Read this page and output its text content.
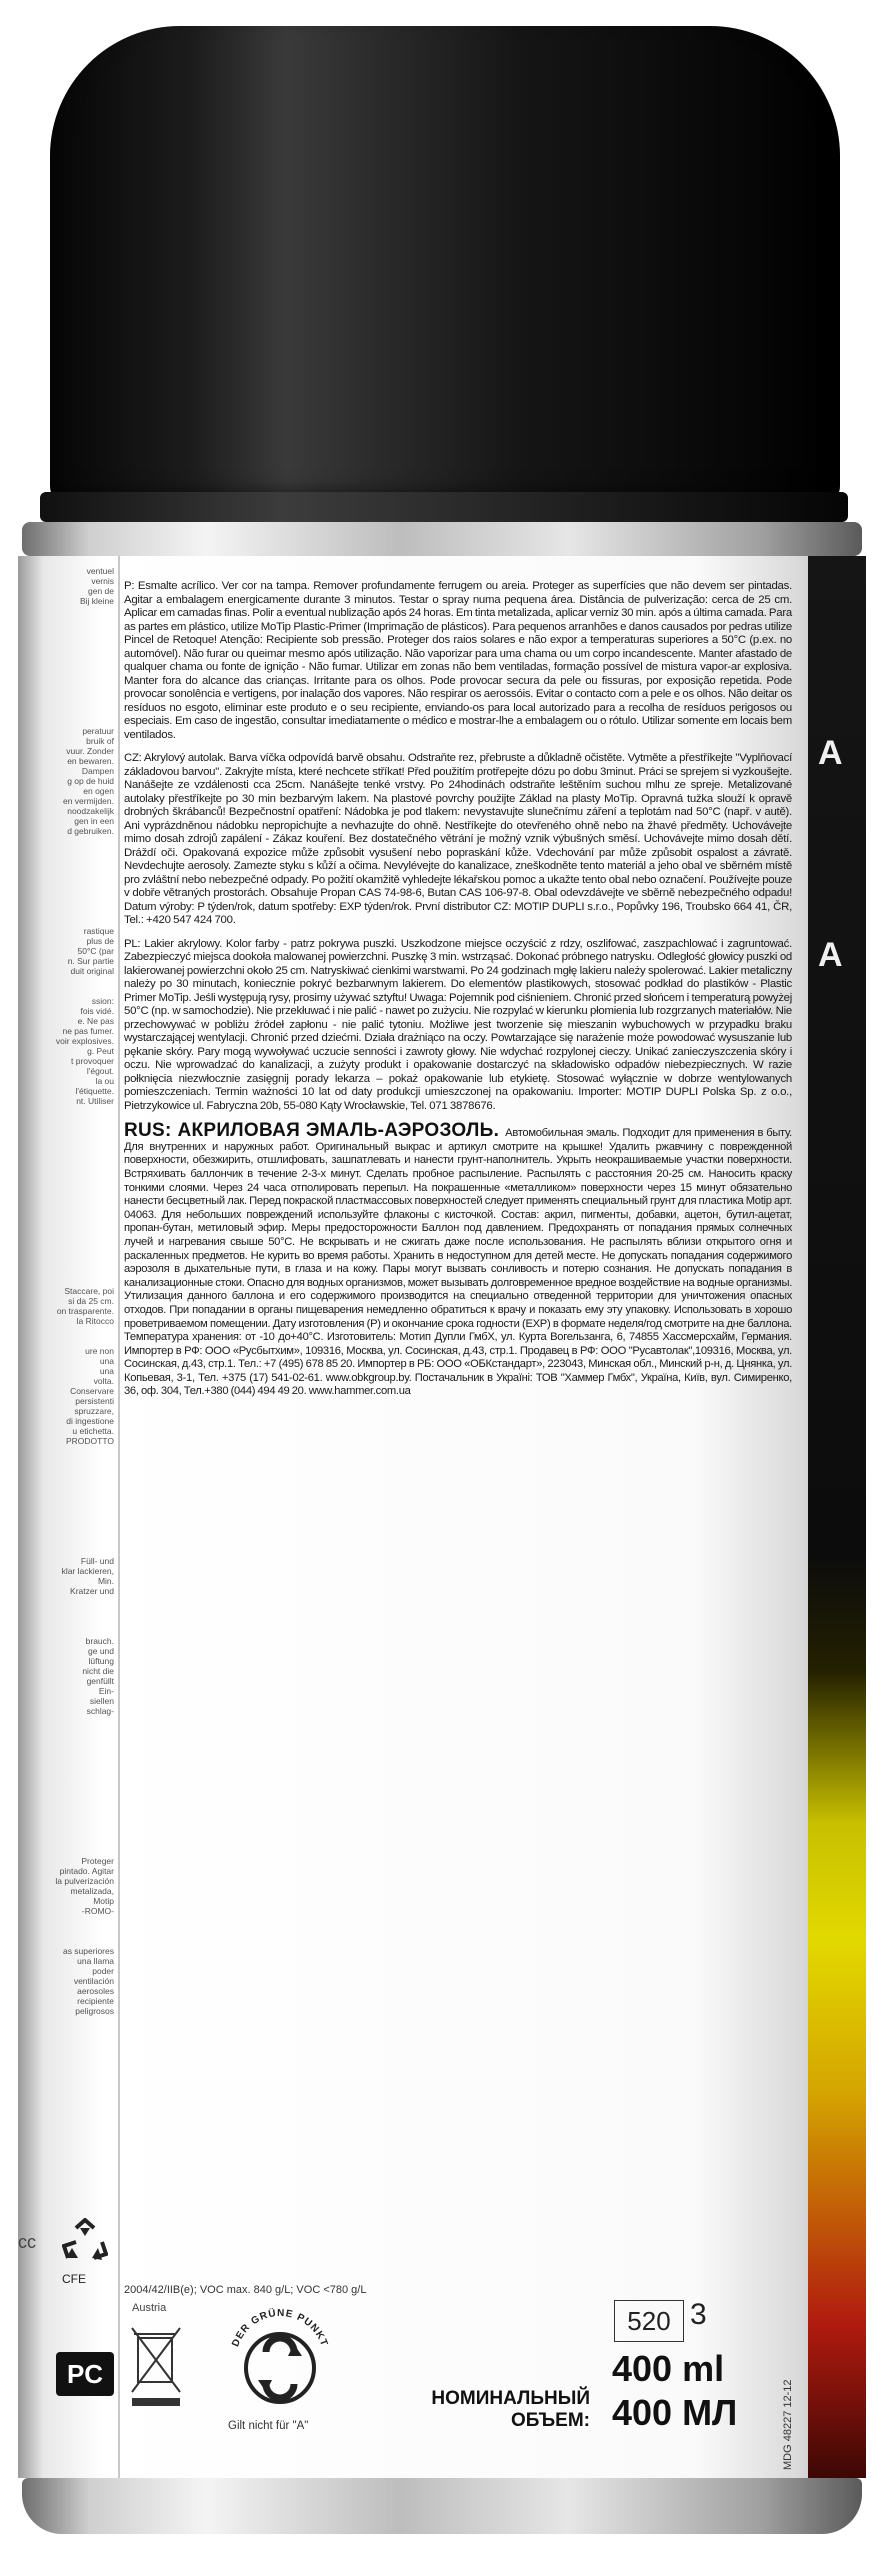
ventuel
vernis
gen de
Bij kleine
peratuur
bruik of
vuur. Zonder
en bewaren.
Dampen
g op de huid
en ogen
en vermijden.
noodzakelijk
gen in een
d gebruiken.
rastique
plus de
50°C (par
n. Sur partie
duit original
ssion:
fois vidé.
e. Ne pas
ne pas fumer.
voir explosives.
g. Peut
t provoquer
l'égout.
la ou
l'étiquette.
nt. Utiliser
Staccare, poi
si da 25 cm.
on trasparente.
la Ritocco
ure non
una
una
volta.
Conservare
persistenti
spruzzare,
di ingestione
u etichetta.
PRODOTTO
Füll- und
klar lackieren,
Min.
Kratzer und
brauch.
ge und
lüftung
nicht die
genfüllt
Ein-
siellen
schlag-
Proteger
pintado. Agitar
la pulverización
metalizada,
Motip
-ROMO-
as superiores
una llama
poder
ventilación
aerosoles
recipiente
peligrosos
A
A

P: Esmalte acrílico. Ver cor na tampa. Remover profundamente ferrugem ou areia. Proteger as superfícies que não devem ser pintadas. Agitar a embalagem energicamente durante 3 minutos. Testar o spray numa pequena área. Distância de pulverização: cerca de 25 cm. Aplicar em camadas finas. Polir a eventual nublização após 24 horas. Em tinta metalizada, aplicar verniz 30 min. após a última camada. Para as partes em plástico, utilize MoTip Plastic-Primer (Imprimação de plásticos). Para pequenos arranhões e danos causados por pedras utilize Pincel de Retoque! Atenção: Recipiente sob pressão. Proteger dos raios solares e não expor a temperaturas superiores a 50°C (p.ex. no automóvel). Não furar ou queimar mesmo após utilização. Não vaporizar para uma chama ou um corpo incandescente. Manter afastado de qualquer chama ou fonte de ignição - Não fumar. Utilizar em zonas não bem ventiladas, formação possível de mistura vapor-ar explosiva. Manter fora do alcance das crianças. Irritante para os olhos. Pode provocar secura da pele ou fissuras, por exposição repetida. Pode provocar sonolência e vertigens, por inalação dos vapores. Não respirar os aerossóis. Evitar o contacto com a pele e os olhos. Não deitar os resíduos no esgoto, eliminar este produto e o seu recipiente, enviando-os para local autorizado para a recolha de resíduos perigosos ou especiais. Em caso de ingestão, consultar imediatamente o médico e mostrar-lhe a embalagem ou o rótulo. Utilizar somente em locais bem ventilados.

CZ: Akrylový autolak. Barva víčka odpovídá barvě obsahu. Odstraňte rez, přebruste a důkladně očistěte. Vytměte a přestříkejte "Vyplňovací základovou barvou". Zakryjte místa, které nechcete stříkat! Před použitím protřepejte dózu po dobu 3minut. Práci se sprejem si vyzkoušejte. Nanášejte ze vzdálenosti cca 25cm. Nanášejte tenké vrstvy. Po 24hodinách odstraňte leštěním suchou mlhu ze spreje. Metalizované autolaky přestříkejte po 30 min bezbarvým lakem. Na plastové povrchy použijte Základ na plasty MoTip. Opravná tužka slouží k opravě drobných škrábanců! Bezpečnostní opatření: Nádobka je pod tlakem: nevystavujte slunečnímu záření a teplotám nad 50°C (např. v autě). Ani vyprázdněnou nádobku nepropichujte a nevhazujte do ohně. Nestříkejte do otevřeného ohně nebo na žhavé předměty. Uchovávejte mimo dosah zdrojů zapálení - Zákaz kouření. Bez dostatečného větrání je možný vznik výbušných směsí. Uchovávejte mimo dosah dětí. Dráždí oči. Opakovaná expozice může způsobit vysušení nebo popraskání kůže. Vdechování par může způsobit ospalost a závratě. Nevdechujte aerosoly. Zamezte styku s kůží a očima. Nevylévejte do kanalizace, zneškodněte tento materiál a jeho obal ve sběrném místě pro zvláštní nebo nebezpečné odpady. Po požití okamžitě vyhledejte lékařskou pomoc a ukažte tento obal nebo označení. Používejte pouze v dobře větraných prostorách. Obsahuje Propan CAS 74-98-6, Butan CAS 106-97-8. Obal odevzdávejte ve sběrně nebezpečného odpadu! Datum výroby: P týden/rok, datum spotřeby: EXP týden/rok. První distributor CZ: MOTIP DUPLI s.r.o., Popůvky 196, Troubsko 664 41, ČR, Tel.: +420 547 424 700.

PL: Lakier akrylowy. Kolor farby - patrz pokrywa puszki. Uszkodzone miejsce oczyścić z rdzy, oszlifować, zaszpachlować i zagruntować. Zabezpieczyć miejsca dookoła malowanej powierzchni. Puszkę 3 min. wstrząsać. Dokonać próbnego natrysku. Odległość głowicy puszki od lakierowanej powierzchni około 25 cm. Natryskiwać cienkimi warstwami. Po 24 godzinach mgłę lakieru należy spolerować. Lakier metaliczny należy po 30 minutach, koniecznie pokryć bezbarwnym lakierem. Do elementów plastikowych, stosować podkład do plastików - Plastic Primer MoTip. Jeśli występują rysy, prosimy używać sztyftu! Uwaga: Pojemnik pod ciśnieniem. Chronić przed słońcem i temperaturą powyżej 50°C (np. w samochodzie). Nie przekłuwać i nie palić - nawet po zużyciu. Nie rozpylać w kierunku płomienia lub rozgrzanych materiałów. Nie przechowywać w pobliżu źródeł zapłonu - nie palić tytoniu. Możliwe jest tworzenie się mieszanin wybuchowych w przypadku braku wystarczającej wentylacji. Chronić przed dziećmi. Działa drażniąco na oczy. Powtarzające się narażenie może powodować wysuszanie lub pękanie skóry. Pary mogą wywoływać uczucie senności i zawroty głowy. Nie wdychać rozpylonej cieczy. Unikać zanieczyszczenia skóry i oczu. Nie wprowadzać do kanalizacji, a zużyty produkt i opakowanie dostarczyć na składowisko odpadów niebezpiecznych. W razie połknięcia niezwłocznie zasięgnij porady lekarza – pokaż opakowanie lub etykietę. Stosować wyłącznie w dobrze wentylowanych pomieszczeniach. Termin ważności 10 lat od daty produkcji umieszczonej na opakowaniu. Importer: MOTIP DUPLI Polska Sp. z o.o., Pietrzykowice ul. Fabryczna 20b, 55-080 Kąty Wrocławskie, Tel. 071 3878676.

RUS: АКРИЛОВАЯ ЭМАЛЬ-АЭРОЗОЛЬ. Автомобильная эмаль. Подходит для применения в быту. Для внутренних и наружных работ. Оригинальный выкрас и артикул смотрите на крышке! Удалить ржавчину с поврежденной поверхности, обезжирить, отшлифовать, зашпатлевать и нанести грунт-наполнитель. Укрыть неокрашиваемые участки поверхности. Встряхивать баллончик в течение 2-3-х минут. Сделать пробное распыление. Распылять с расстояния 20-25 см. Наносить краску тонкими слоями. Через 24 часа отполировать перепыл. На покрашенные «металликом» поверхности через 15 минут обязательно нанести бесцветный лак. Перед покраской пластмассовых поверхностей следует применять специальный грунт для пластика Motip арт. 04063. Для небольших повреждений используйте флаконы с кисточкой. Состав: акрил, пигменты, добавки, ацетон, бутил-ацетат, пропан-бутан, метиловый эфир. Меры предосторожности Баллон под давлением. Предохранять от попадания прямых солнечных лучей и нагревания свыше 50°С. Не вскрывать и не сжигать даже после использования. Не распылять вблизи открытого огня и раскаленных предметов. Не курить во время работы. Хранить в недоступном для детей месте. Не допускать попадания содержимого аэрозоля в дыхательные пути, в глаза и на кожу. Пары могут вызвать сонливость и потерю сознания. Не допускать попадания в канализационные стоки. Опасно для водных организмов, может вызывать долговременное вредное воздействие на водные организмы. Утилизация данного баллона и его содержимого производится на специально отведенной территории для уничтожения опасных отходов. При попадании в органы пищеварения немедленно обратиться к врачу и показать ему эту упаковку. Использовать в хорошо проветриваемом помещении. Дату изготовления (P) и окончание срока годности (EXP) в формате неделя/год смотрите на дне баллона. Температура хранения: от -10 до+40°С. Изготовитель: Мотип Дупли ГмбХ, ул. Курта Вогельзанга, 6, 74855 Хассмерсхайм, Германия. Импортер в РФ: ООО «Русбытхим», 109316, Москва, ул. Сосинская, д.43, стр.1. Продавец в РФ: ООО "Русавтолак",109316, Москва, ул. Сосинская, д.43, стр.1. Тел.: +7 (495) 678 85 20. Импортер в РБ: ООО «ОБКстандарт», 223043, Минская обл., Минский р-н, д. Цнянка, ул. Копьевая, 3-1, Тел. +375 (17) 541-02-61. www.obkgroup.by. Постачальник в Україні: ТОВ "Хаммер Гмбх", Україна, Київ, вул. Симиренко, 36, оф. 304, Тел.+380 (044) 494 49 20. www.hammer.com.ua

2004/42/IIB(e); VOC max. 840 g/L; VOC <780 g/L
cc
CFE
PC
Austria
DER GRÜNE PUNKT
Gilt nicht für "A"
НОМИНАЛЬНЫЙ ОБЪЕМ:
520 3
400 ml
400 МЛ	MDG 48227 12-12
